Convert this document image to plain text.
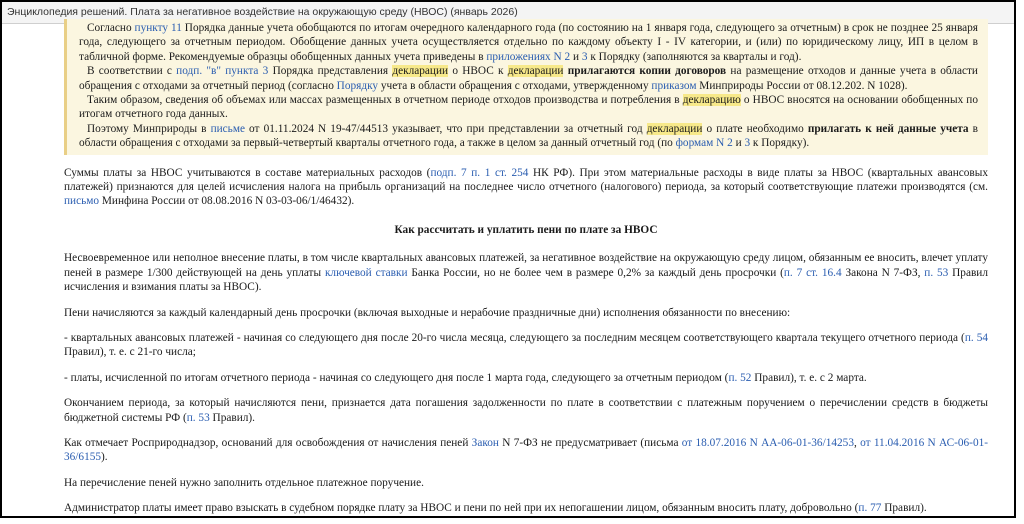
Энциклопедия решений. Плата за негативное воздействие на окружающую среду (НВОС) (январь 2026)

Согласно пункту 11 Порядка данные учета обобщаются по итогам очередного календарного года (по состоянию на 1 января года, следующего за отчетным) в срок не позднее 25 января года, следующего за отчетным периодом. Обобщение данных учета осуществляется отдельно по каждому объекту I - IV категории, и (или) по юридическому лицу, ИП в целом в табличной форме. Рекомендуемые образцы обобщенных данных учета приведены в приложениях N 2 и 3 к Порядку (заполняются за кварталы и год).

В соответствии с подп. "в" пункта 3 Порядка представления декларации о НВОС к декларации прилагаются копии договоров на размещение отходов и данные учета в области обращения с отходами за отчетный период (согласно Порядку учета в области обращения с отходами, утвержденному приказом Минприроды России от 08.12.202. N 1028).

Таким образом, сведения об объемах или массах размещенных в отчетном периоде отходов производства и потребления в декларацию о НВОС вносятся на основании обобщенных по итогам отчетного года данных.

Поэтому Минприроды в письме от 01.11.2024 N 19-47/44513 указывает, что при представлении за отчетный год декларации о плате необходимо прилагать к ней данные учета в области обращения с отходами за первый-четвертый кварталы отчетного года, а также в целом за данный отчетный год (по формам N 2 и 3 к Порядку).

Суммы платы за НВОС учитываются в составе материальных расходов (подп. 7 п. 1 ст. 254 НК РФ). При этом материальные расходы в виде платы за НВОС (квартальных авансовых платежей) признаются для целей исчисления налога на прибыль организаций на последнее число отчетного (налогового) периода, за который соответствующие платежи производятся (см. письмо Минфина России от 08.08.2016 N 03-03-06/1/46432).

Как рассчитать и уплатить пени по плате за НВОС

Несвоевременное или неполное внесение платы, в том числе квартальных авансовых платежей, за негативное воздействие на окружающую среду лицом, обязанным ее вносить, влечет уплату пеней в размере 1/300 действующей на день уплаты ключевой ставки Банка России, но не более чем в размере 0,2% за каждый день просрочки (п. 7 ст. 16.4 Закона N 7-ФЗ, п. 53 Правил исчисления и взимания платы за НВОС).

Пени начисляются за каждый календарный день просрочки (включая выходные и нерабочие праздничные дни) исполнения обязанности по внесению:

- квартальных авансовых платежей - начиная со следующего дня после 20-го числа месяца, следующего за последним месяцем соответствующего квартала текущего отчетного периода (п. 54 Правил), т. е. с 21-го числа;

- платы, исчисленной по итогам отчетного периода - начиная со следующего дня после 1 марта года, следующего за отчетным периодом (п. 52 Правил), т. е. с 2 марта.

Окончанием периода, за который начисляются пени, признается дата погашения задолженности по плате в соответствии с платежным поручением о перечислении средств в бюджеты бюджетной системы РФ (п. 53 Правил).

Как отмечает Росприроднадзор, оснований для освобождения от начисления пеней Закон N 7-ФЗ не предусматривает (письма от 18.07.2016 N АА-06-01-36/14253, от 11.04.2016 N АС-06-01-36/6155).

На перечисление пеней нужно заполнить отдельное платежное поручение.

Администратор платы имеет право взыскать в судебном порядке плату за НВОС и пени по ней при их непогашении лицом, обязанным вносить плату, добровольно (п. 77 Правил).
